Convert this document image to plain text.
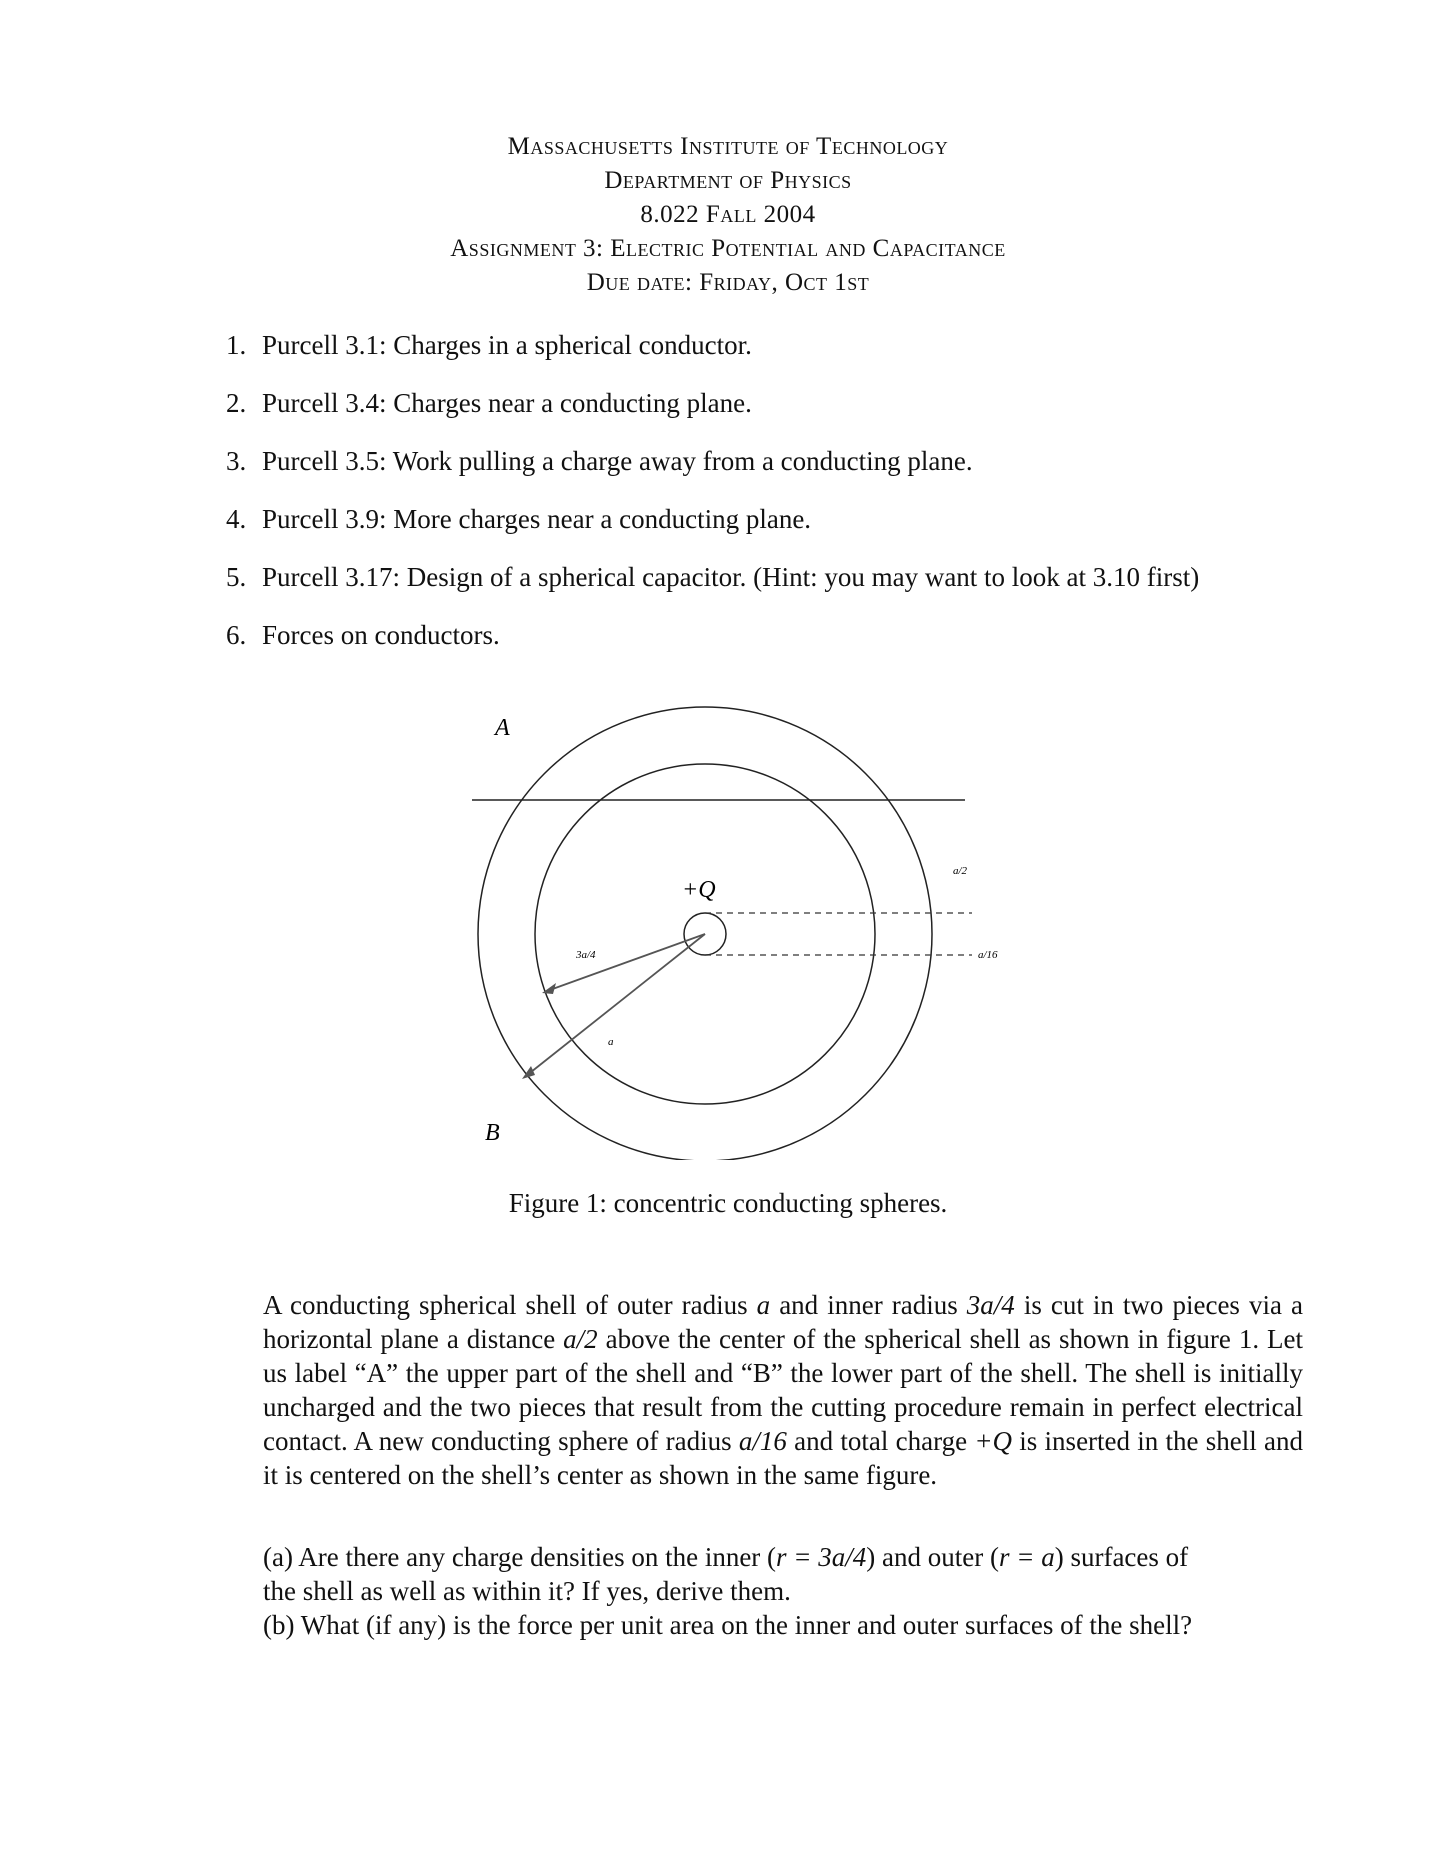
Massachusetts Institute of Technology
Department of Physics
8.022 Fall 2004
Assignment 3: Electric Potential and Capacitance
Due date: Friday, Oct 1st
1. Purcell 3.1: Charges in a spherical conductor.
2. Purcell 3.4: Charges near a conducting plane.
3. Purcell 3.5: Work pulling a charge away from a conducting plane.
4. Purcell 3.9: More charges near a conducting plane.
5. Purcell 3.17: Design of a spherical capacitor. (Hint: you may want to look at 3.10 first)
6. Forces on conductors.
A
B
+Q
3a/4
a
a/2
a/16
Figure 1: concentric conducting spheres.
A conducting spherical shell of outer radius a and inner radius 3a/4 is cut in two pieces via a horizontal plane a distance a/2 above the center of the spherical shell as shown in figure 1. Let us label “A” the upper part of the shell and “B” the lower part of the shell. The shell is initially uncharged and the two pieces that result from the cutting procedure remain in perfect electrical contact. A new conducting sphere of radius a/16 and total charge +Q is inserted in the shell and it is centered on the shell’s center as shown in the same figure.
(a) Are there any charge densities on the inner (r = 3a/4) and outer (r = a) surfaces of
the shell as well as within it? If yes, derive them.
(b) What (if any) is the force per unit area on the inner and outer surfaces of the shell?
